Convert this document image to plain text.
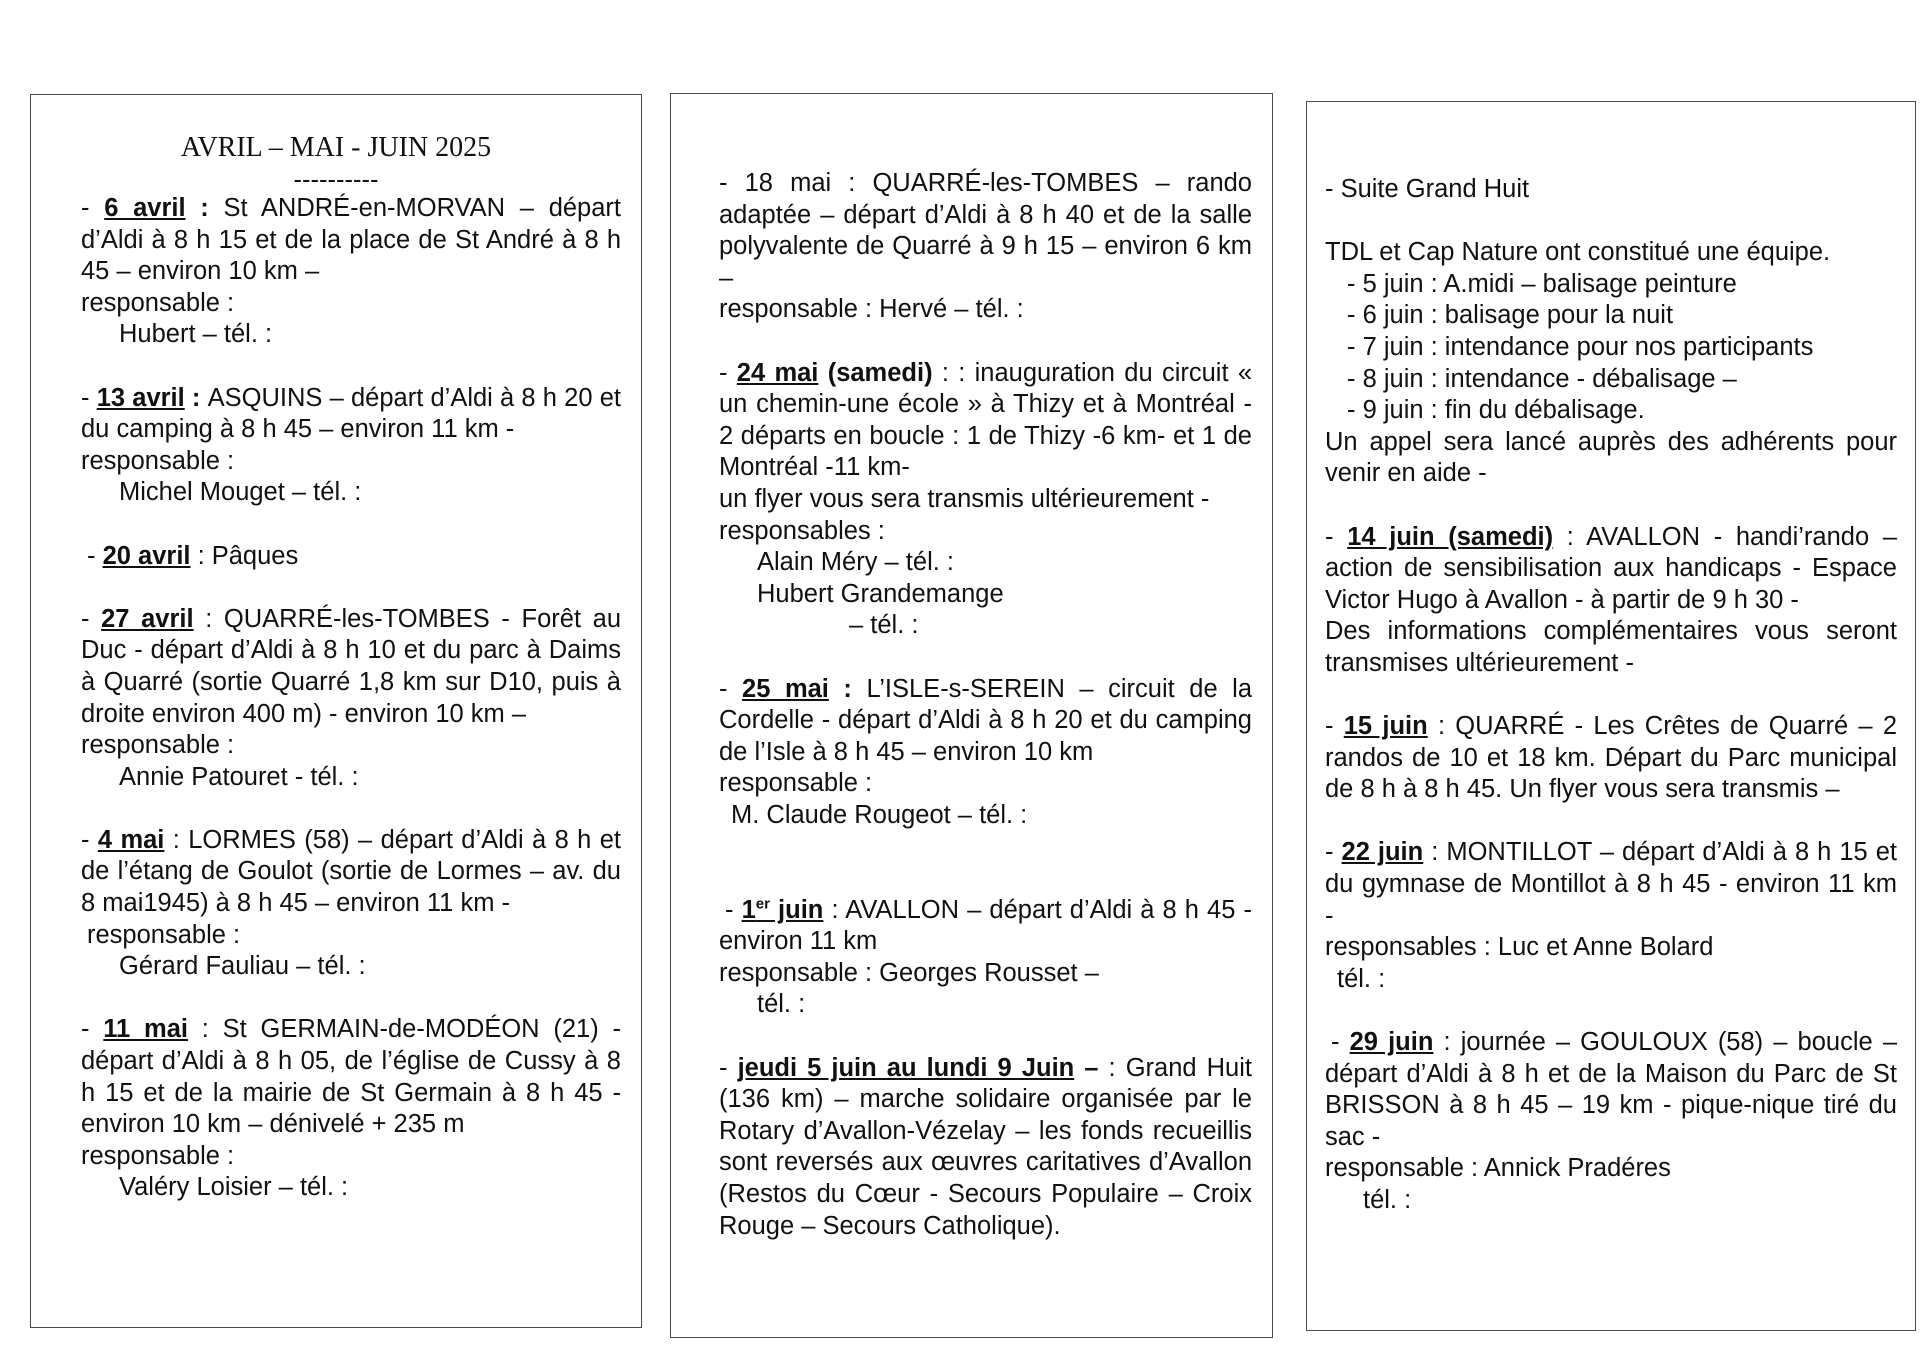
AVRIL – MAI - JUIN 2025
----------
- 6 avril : St ANDRÉ-en-MORVAN – départ d’Aldi à 8 h 15 et de la place de St André à 8 h 45 – environ 10 km –
responsable :
Hubert – tél. :
- 13 avril : ASQUINS – départ d’Aldi à 8 h 20 et du camping à 8 h 45 – environ 11 km -
responsable :
Michel Mouget – tél. :
- 20 avril : Pâques
- 27 avril : QUARRÉ-les-TOMBES - Forêt au Duc - départ d’Aldi à 8 h 10 et du parc à Daims à Quarré (sortie Quarré 1,8 km sur D10, puis à droite environ 400 m) - environ 10 km –
responsable :
Annie Patouret - tél. :
- 4 mai : LORMES (58) – départ d’Aldi à 8 h et de l’étang de Goulot (sortie de Lormes – av. du 8 mai1945) à 8 h 45 – environ 11 km -
responsable :
Gérard Fauliau – tél. :
- 11 mai : St GERMAIN-de-MODÉON (21) - départ d’Aldi à 8 h 05, de l’église de Cussy à 8 h 15 et de la mairie de St Germain à 8 h 45 - environ 10 km – dénivelé + 235 m
responsable :
Valéry Loisier – tél. :
- 18 mai : QUARRÉ-les-TOMBES – rando adaptée – départ d’Aldi à 8 h 40 et de la salle polyvalente de Quarré à 9 h 15 – environ 6 km –
responsable : Hervé – tél. :
- 24 mai (samedi) : : inauguration du circuit « un chemin-une école » à Thizy et à Montréal - 2 départs en boucle : 1 de Thizy -6 km- et 1 de Montréal -11 km-
un flyer vous sera transmis ultérieurement -
responsables :
Alain Méry – tél. :
Hubert Grandemange
– tél. :
- 25 mai : L’ISLE-s-SEREIN – circuit de la Cordelle - départ d’Aldi à 8 h 20 et du camping de l’Isle à 8 h 45 – environ 10 km
responsable :
M. Claude Rougeot – tél. :
- 1er juin : AVALLON – départ d’Aldi à 8 h 45 - environ 11 km
responsable : Georges Rousset –
tél. :
- jeudi 5 juin au lundi 9 Juin – : Grand Huit (136 km) – marche solidaire organisée par le Rotary d’Avallon-Vézelay – les fonds recueillis sont reversés aux œuvres caritatives d’Avallon (Restos du Cœur - Secours Populaire – Croix Rouge – Secours Catholique).
- Suite Grand Huit
TDL et Cap Nature ont constitué une équipe.
- 5 juin : A.midi – balisage peinture
- 6 juin : balisage pour la nuit
- 7 juin : intendance pour nos participants
- 8 juin : intendance - débalisage –
- 9 juin : fin du débalisage.
Un appel sera lancé auprès des adhérents pour venir en aide -
- 14 juin (samedi) : AVALLON - handi’rando – action de sensibilisation aux handicaps - Espace Victor Hugo à Avallon - à partir de 9 h 30 -
Des informations complémentaires vous seront transmises ultérieurement -
- 15 juin : QUARRÉ - Les Crêtes de Quarré – 2 randos de 10 et 18 km. Départ du Parc municipal de 8 h à 8 h 45. Un flyer vous sera transmis –
- 22 juin : MONTILLOT – départ d’Aldi à 8 h 15 et du gymnase de Montillot à 8 h 45 - environ 11 km -
responsables : Luc et Anne Bolard
tél. :
- 29 juin : journée – GOULOUX (58) – boucle – départ d’Aldi à 8 h et de la Maison du Parc de St BRISSON à 8 h 45 – 19 km - pique-nique tiré du sac -
responsable : Annick Pradéres
tél. :
